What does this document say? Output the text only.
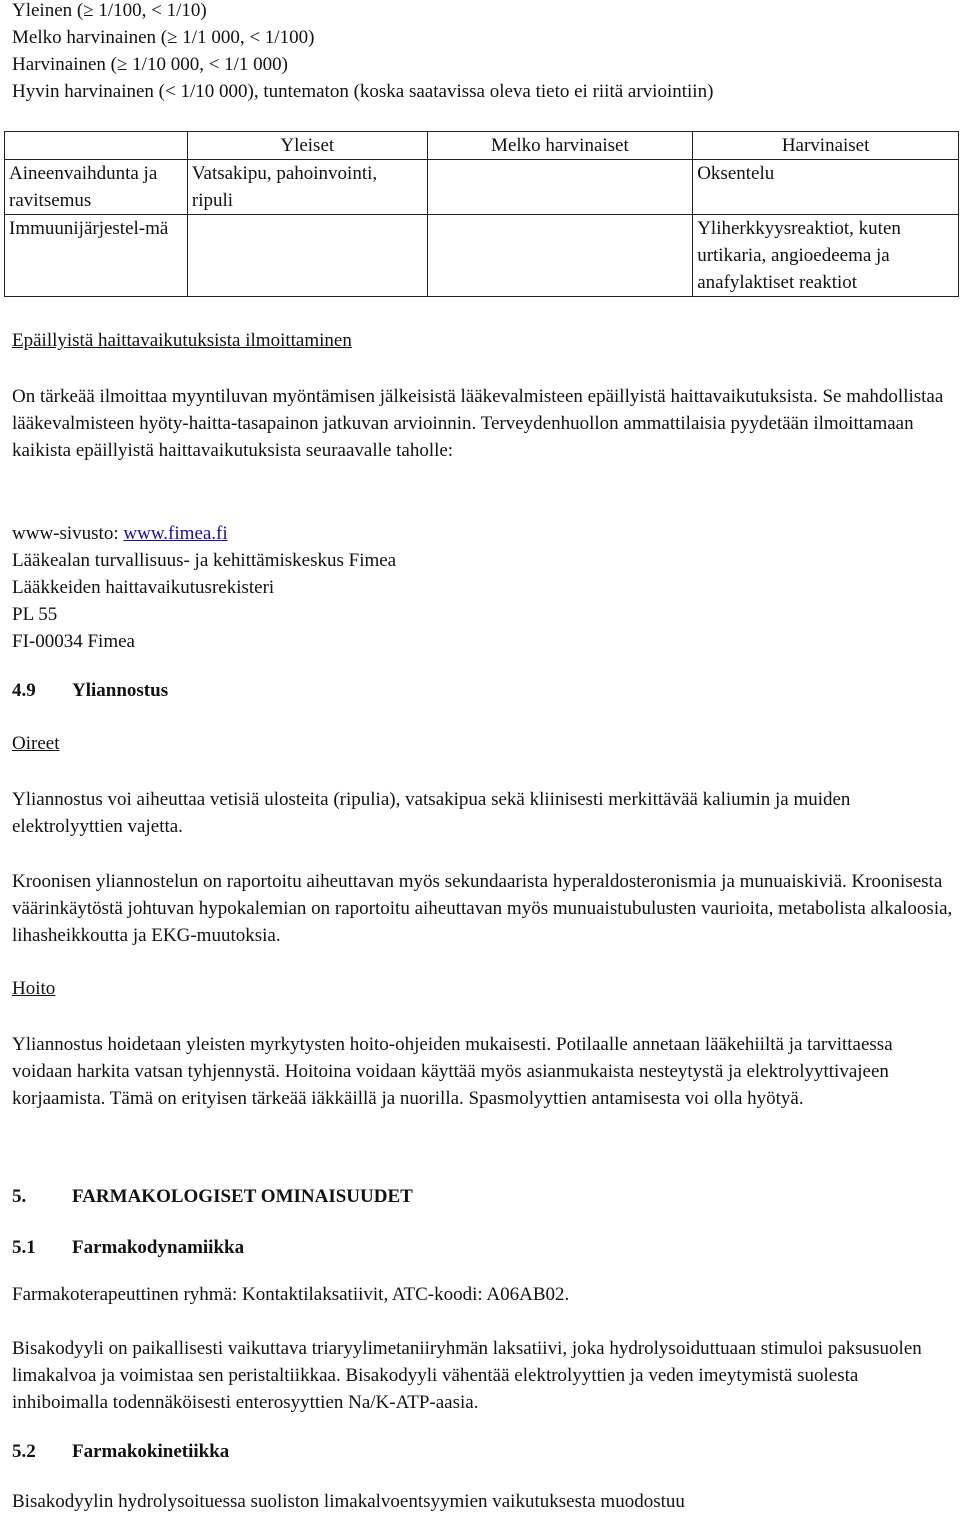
Yleinen (≥ 1/100, < 1/10)
Melko harvinainen (≥ 1/1 000, < 1/100)
Harvinainen (≥ 1/10 000, < 1/1 000)
Hyvin harvinainen (< 1/10 000), tuntematon (koska saatavissa oleva tieto ei riitä arviointiin)
	Yleiset	Melko harvinaiset	Harvinaiset
Aineenvaihdunta ja ravitsemus	Vatsakipu, pahoinvointi, ripuli		Oksentelu
Immuunijärjestel-mä			Yliherkkyysreaktiot, kuten urtikaria, angioedeema ja anafylaktiset reaktiot
Epäillyistä haittavaikutuksista ilmoittaminen
On tärkeää ilmoittaa myyntiluvan myöntämisen jälkeisistä lääkevalmisteen epäillyistä haittavaikutuksista. Se mahdollistaa lääkevalmisteen hyöty-haitta-tasapainon jatkuvan arvioinnin. Terveydenhuollon ammattilaisia pyydetään ilmoittamaan kaikista epäillyistä haittavaikutuksista seuraavalle taholle:
www-sivusto: www.fimea.fi
Lääkealan turvallisuus- ja kehittämiskeskus Fimea
Lääkkeiden haittavaikutusrekisteri
PL 55
FI-00034 Fimea
4.9 Yliannostus
Oireet
Yliannostus voi aiheuttaa vetisiä ulosteita (ripulia), vatsakipua sekä kliinisesti merkittävää kaliumin ja muiden elektrolyyttien vajetta.
Kroonisen yliannostelun on raportoitu aiheuttavan myös sekundaarista hyperaldosteronismia ja munuaiskiviä. Kroonisesta väärinkäytöstä johtuvan hypokalemian on raportoitu aiheuttavan myös munuaistubulusten vaurioita, metabolista alkaloosia, lihasheikkoutta ja EKG-muutoksia.
Hoito
Yliannostus hoidetaan yleisten myrkytysten hoito-ohjeiden mukaisesti. Potilaalle annetaan lääkehiiltä ja tarvittaessa voidaan harkita vatsan tyhjennystä. Hoitoina voidaan käyttää myös asianmukaista nesteytystä ja elektrolyyttivajeen korjaamista. Tämä on erityisen tärkeää iäkkäillä ja nuorilla. Spasmolyyttien antamisesta voi olla hyötyä.
5. FARMAKOLOGISET OMINAISUUDET
5.1 Farmakodynamiikka
Farmakoterapeuttinen ryhmä: Kontaktilaksatiivit, ATC-koodi: A06AB02.
Bisakodyyli on paikallisesti vaikuttava triaryylimetaniiryhmän laksatiivi, joka hydrolysoiduttuaan stimuloi paksusuolen limakalvoa ja voimistaa sen peristaltiikkaa. Bisakodyyli vähentää elektrolyyttien ja veden imeytymistä suolesta inhiboimalla todennäköisesti enterosyyttien Na/K-ATP-aasia.
5.2 Farmakokinetiikka
Bisakodyylin hydrolysoituessa suoliston limakalvoentsyymien vaikutuksesta muodostuu
